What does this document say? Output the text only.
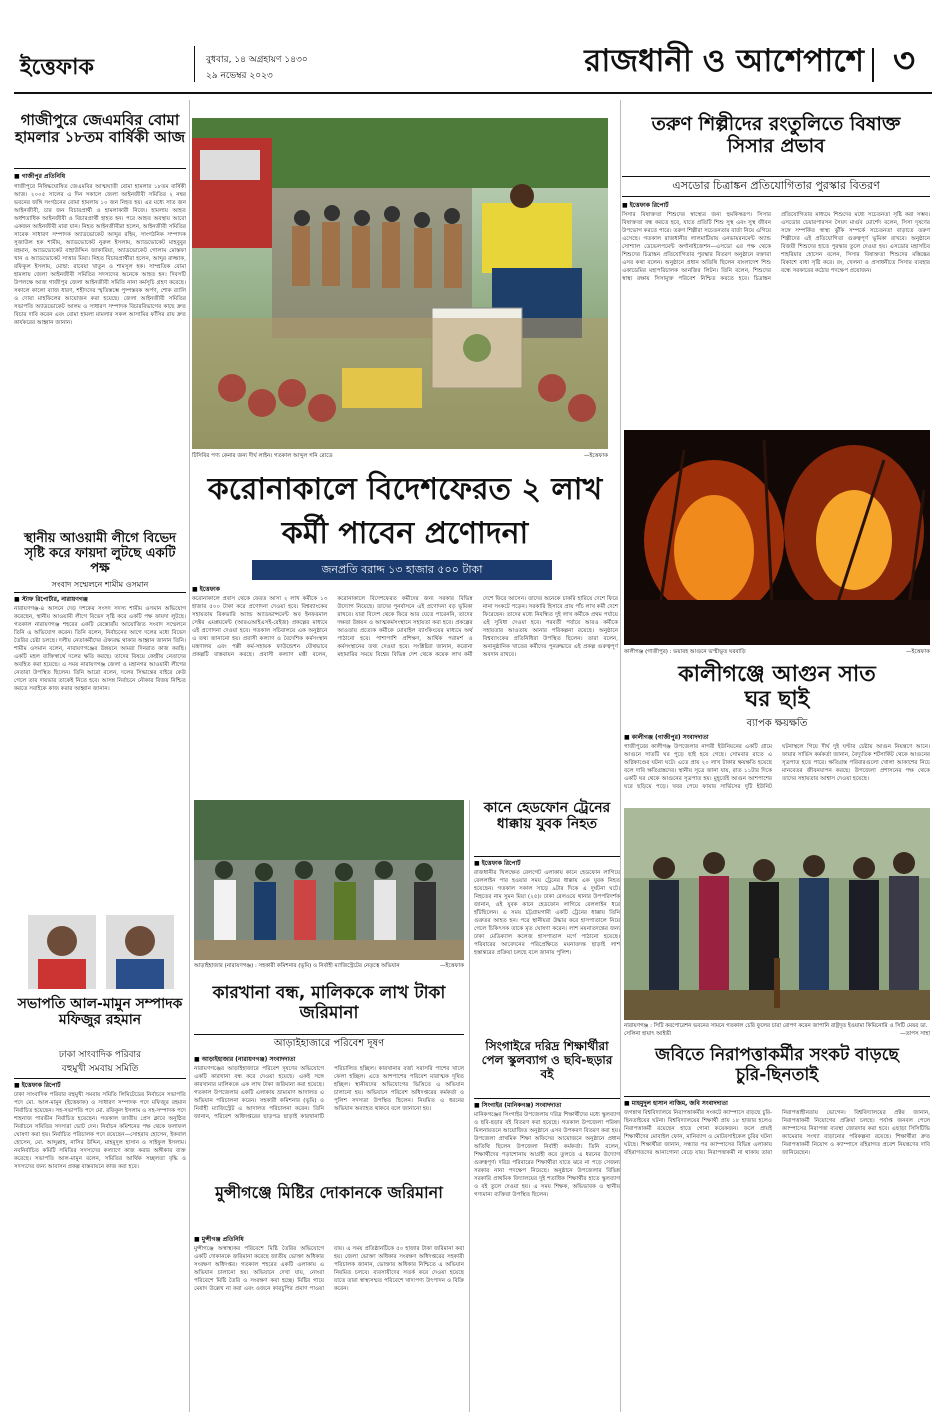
ইত্তেফাক	বুধবার, ১৪ অগ্রহায়ণ ১৪৩০
২৯ নভেম্বর ২০২৩	রাজধানী ও আশেপাশে ৩
গাজীপুরে জেএমবির বোমা হামলার ১৮তম বার্ষিকী আজ
■ গাজীপুর প্রতিনিধি
গাজীপুরে নিষিদ্ধঘোষিত জেএমবির আত্মঘাতী বোমা হামলার ১৮তম বার্ষিকী আজ। ২০০৫ সালের এ দিন সকালে জেলা আইনজীবী সমিতির ২ নম্বর ভবনের জঙ্গি সংগঠনের বোমা হামলায় ১০ জন নিহত হয়। এর মধ্যে সাত জন আইনজীবী, চার জন বিচারপ্রার্থী ও হামলাকারী নিজে। হামলায় আহত অর্ধশতাধিক আইনজীবী ও বিচারপ্রার্থী হাহত হন। পরে আহত অবস্থায় আরো একজন আইনজীবী মারা যান। নিহত আইনজীবীরা হলেন, আইনজীবী সমিতির সাবেক সাধারণ সম্পাদক অ্যাডভোকেট আব্দুর রহিম, সাংগঠনিক সম্পাদক সুজাউল হক শামীম, অ্যাডভোকেট নুরুল ইসলাম, অ্যাডভোকেট মাহবুবুর রহমান, অ্যাডভোকেট বাহাউদ্দিন জাকারিয়া, অ্যাডভোকেট গোলাম মোস্তফা খান ও অ্যাডভোকেট সাত্তার মিয়া। নিহত বিচারপ্রার্থীরা হলেন, আব্দুর রাজ্জাক, রফিকুল ইসলাম, মোছা: রাবেয়া খাতুন ও শামসুল হক। সাম্প্রতিক বোমা হামলায় জেলা আইনজীবী সমিতির সদস্যদের অনেকে আহত হন। দিবসটি উপলক্ষে আজ গাজীপুর জেলা আইনজীবী সমিতি নানা কর্মসূচি গ্রহণ করেছে। সকালে কালো ব্যাজ ধারণ, শহীদদের স্মৃতিস্তম্ভে পুষ্পস্তবক অর্পণ, শোক র‍্যালি ও দোয়া মাহফিলের আয়োজন করা হয়েছে। জেলা আইনজীবী সমিতির সভাপতি অ্যাডভোকেট আলম ও সাধারণ সম্পাদক বিচারবিভাগের কাছে দ্রুত বিচার দাবি করেন এবং বোমা হামলা মামলার সকল আসামির ফাঁসির রায় দ্রুত কার্যকরের আহ্বান জানান।
টিসিবির পণ্য কেনার জন্য দীর্ঘ লাইন। গতকাল আব্দুল গনি রোডে	—ইত্তেফাক
তরুণ শিল্পীদের রংতুলিতে বিষাক্ত সিসার প্রভাব
এসডোর চিত্রাঙ্কন প্রতিযোগিতার পুরস্কার বিতরণ
■ ইত্তেফাক রিপোর্ট
সিসার বিষাক্ততা শিশুদের স্বাস্থ্যের জন্য হুমকিস্বরূপ। সিসার বিষাক্ততা বন্ধ করতে হবে, যাতে প্রতিটি শিশু সুস্থ এবং সুস্থ জীবন উপভোগ করতে পারে। তরুণ শিল্পীরা সচেতনতার বার্তা নিয়ে এগিয়ে এসেছে। গতকাল রাজধানীর লালমাটিয়ায় এনভায়রনমেন্ট অ্যান্ড সোশ্যাল ডেভেলপমেন্ট অর্গানাইজেশন—এসডো এর পক্ষ থেকে শিশুদের চিত্রাঙ্কন প্রতিযোগিতার পুরস্কার বিতরণ অনুষ্ঠানে বক্তারা এসব কথা বলেন। অনুষ্ঠানে প্রধান অতিথি ছিলেন বাংলাদেশ শিশু একাডেমির মহাপরিচালক আনজির লিটন। তিনি বলেন, শিশুদের স্বাস্থ্য রক্ষায় সিসামুক্ত পরিবেশ নিশ্চিত করতে হবে। চিত্রাঙ্কন প্রতিযোগিতার মাধ্যমে শিশুদের মধ্যে সচেতনতা সৃষ্টি করা সম্ভব। এসডোর চেয়ারপারসন সৈয়দ মার্গুব মোর্শেদ বলেন, সিসা দূষণের সঙ্গে সম্পর্কিত স্বাস্থ্য ঝুঁকি সম্পর্কে সচেতনতা বাড়াতে তরুণ শিল্পীদের এই প্রতিযোগিতা গুরুত্বপূর্ণ ভূমিকা রাখবে। অনুষ্ঠানে বিজয়ী শিশুদের হাতে পুরস্কার তুলে দেওয়া হয়। এসডোর মহাসচিব শাহরিয়ার হোসেন বলেন, সিসার বিষাক্ততা শিশুদের মস্তিষ্কের বিকাশে বাধা সৃষ্টি করে। রং, খেলনা ও প্রসাধনীতে সিসার ব্যবহার বন্ধে সরকারের কঠোর পদক্ষেপ প্রয়োজন।
করোনাকালে বিদেশফেরত ২ লাখ কর্মী পাবেন প্রণোদনা
জনপ্রতি বরাদ্দ ১৩ হাজার ৫০০ টাকা
■ ইত্তেফাক
করোনাকালে প্রবাস থেকে ফেরত আসা ২ লাখ কর্মীকে ১৩ হাজার ৫০০ টাকা করে প্রণোদনা দেওয়া হবে। বিশ্বব্যাংকের সহায়তায় রিকভারি অ্যান্ড অ্যাডভান্সমেন্ট অব ইনফরমাল সেক্টর এমপ্লয়মেন্ট (আরএআইএসই-রেইজ) প্রকল্পের মাধ্যমে এই প্রণোদনা দেওয়া হবে। গতকাল সচিবালয়ে এক অনুষ্ঠানে এ তথ্য জানানো হয়। প্রবাসী কল্যাণ ও বৈদেশিক কর্মসংস্থান মন্ত্রণালয় এবং পল্লী কর্ম-সহায়ক ফাউন্ডেশন যৌথভাবে প্রকল্পটি বাস্তবায়ন করছে। প্রবাসী কল্যাণ মন্ত্রী বলেন, করোনাকালে বিদেশফেরত কর্মীদের জন্য সরকার বিভিন্ন উদ্যোগ নিয়েছে। তাদের পুনর্বাসনে এই প্রণোদনা বড় ভূমিকা রাখবে। যারা বিদেশ থেকে ফিরে আর যেতে পারেননি, তাদের দক্ষতা উন্নয়ন ও আত্মকর্মসংস্থানে সহায়তা করা হবে। প্রকল্পের আওতায় প্রত্যেক কর্মীকে মোবাইল ব্যাংকিংয়ের মাধ্যমে অর্থ পাঠানো হবে। পাশাপাশি প্রশিক্ষণ, আর্থিক পরামর্শ ও কর্মসংস্থানের তথ্য দেওয়া হবে। সংশ্লিষ্টরা জানান, করোনা মহামারির সময়ে বিশ্বের বিভিন্ন দেশ থেকে কয়েক লাখ কর্মী দেশে ফিরে আসেন। তাদের অনেকে চাকরি হারিয়ে দেশে ফিরে নানা সংকটে পড়েন। সরকারি হিসাবে প্রায় পাঁচ লাখ কর্মী দেশে ফিরেছেন। তাদের মধ্যে নিবন্ধিত দুই লাখ কর্মীকে প্রথম পর্যায়ে এই সুবিধা দেওয়া হবে। পরবর্তী পর্যায়ে আরও কর্মীকে সহায়তার আওতায় আনার পরিকল্পনা রয়েছে। অনুষ্ঠানে বিশ্বব্যাংকের প্রতিনিধিরা উপস্থিত ছিলেন। তারা বলেন, অনানুষ্ঠানিক খাতের কর্মীদের পুনরুদ্ধারে এই প্রকল্প গুরুত্বপূর্ণ অবদান রাখবে।	কালীগঞ্জ (গাজীপুর) : ভয়াবহ আগুনে ভস্মীভূত ঘরবাড়ি	—ইত্তেফাক
স্থানীয় আওয়ামী লীগে বিভেদ সৃষ্টি করে ফায়দা লুটছে একটি পক্ষ
সংবাদ সম্মেলনে শামীম ওসমান
■ স্টাফ রিপোর্টার, নারায়ণগঞ্জ
নারায়ণগঞ্জ-৪ আসনে দেড় দশকের সংসদ সদস্য শামীম ওসমান অভিযোগ করেছেন, স্থানীয় আওয়ামী লীগে বিভেদ সৃষ্টি করে একটি পক্ষ ফায়দা লুটছে। গতকাল নারায়ণগঞ্জ শহরের একটি রেস্তোরাঁয় আয়োজিত সংবাদ সম্মেলনে তিনি এ অভিযোগ করেন। তিনি বলেন, নির্বাচনের আগে দলের মধ্যে বিভেদ তৈরির চেষ্টা চলছে। দলীয় নেতাকর্মীদের ঐক্যবদ্ধ থাকার আহ্বান জানান তিনি। শামীম ওসমান বলেন, নারায়ণগঞ্জের উন্নয়নে আমরা দিনরাত কাজ করছি। একটি মহল ব্যক্তিস্বার্থে দলের ক্ষতি করছে। তাদের বিষয়ে কেন্দ্রীয় নেতাদের অবহিত করা হয়েছে। এ সময় নারায়ণগঞ্জ জেলা ও মহানগর আওয়ামী লীগের নেতারা উপস্থিত ছিলেন। তিনি আরো বলেন, দলের সিদ্ধান্তের বাইরে কেউ গেলে তার দায়ভার তাকেই নিতে হবে। আসন্ন নির্বাচনে নৌকার বিজয় নিশ্চিত করতে সবাইকে কাজ করার আহ্বান জানান।
সভাপতি আল-মামুন সম্পাদক মফিজুর রহমান
ঢাকা সাংবাদিক পরিবার
বহুমুখী সমবায় সমিতি
■ ইত্তেফাক রিপোর্ট
ঢাকা সাংবাদিক পরিবার বহুমুখী সমবায় সমিতি লিমিটেডের নির্বাচনে সভাপতি পদে মো. আল-মামুন (ইত্তেফাক) ও সাধারণ সম্পাদক পদে মফিজুর রহমান নির্বাচিত হয়েছেন। সহ-সভাপতি পদে মো. রফিকুল ইসলাম ও সহ-সম্পাদক পদে শাহনাজ পারভীন নির্বাচিত হয়েছেন। গতকাল জাতীয় প্রেস ক্লাবে অনুষ্ঠিত নির্বাচনে সমিতির সদস্যরা ভোট দেন। নির্বাচন কমিশনের পক্ষ থেকে ফলাফল ঘোষণা করা হয়। নির্বাচিত পরিচালক পদে রয়েছেন—সোহরাব হোসেন, ইকবাল হোসেন, মো. আব্দুল্লাহ, নাসির উদ্দিন, মাহমুদুল হাসান ও সাইফুল ইসলাম। নবনির্বাচিত কমিটি সমিতির সদস্যদের কল্যাণে কাজ করার অঙ্গীকার ব্যক্ত করেছে। সভাপতি আল-মামুন বলেন, সমিতির আর্থিক সচ্ছলতা বৃদ্ধি ও সদস্যদের জন্য আবাসন প্রকল্প বাস্তবায়নে কাজ করা হবে।
আড়াইহাজার (নারায়ণগঞ্জ) : সহকারী কমিশনার (ভূমি) ও নির্বাহী ম্যাজিস্ট্রেটের নেতৃত্বে অভিযান	—ইত্তেফাক
কানে হেডফোন ট্রেনের ধাক্কায় যুবক নিহত
■ ইত্তেফাক রিপোর্ট
রাজধানীর খিলক্ষেত রেলগেট এলাকায় কানে হেডফোন লাগিয়ে রেললাইন পার হওয়ার সময় ট্রেনের ধাক্কায় এক যুবক নিহত হয়েছেন। গতকাল সকাল সাড়ে ৯টার দিকে এ দুর্ঘটনা ঘটে। নিহতের নাম সুমন মিয়া (২৫)। ঢাকা রেলওয়ে থানার উপপরিদর্শক জানান, ওই যুবক কানে হেডফোন লাগিয়ে রেললাইন ধরে হাঁটছিলেন। এ সময় চট্টগ্রামগামী একটি ট্রেনের ধাক্কায় তিনি গুরুতর আহত হন। পরে স্থানীয়রা উদ্ধার করে হাসপাতালে নিয়ে গেলে চিকিৎসক তাকে মৃত ঘোষণা করেন। লাশ ময়নাতদন্তের জন্য ঢাকা মেডিক্যাল কলেজ হাসপাতাল মর্গে পাঠানো হয়েছে। পরিবারের আবেদনের পরিপ্রেক্ষিতে ময়নাতদন্ত ছাড়াই লাশ হস্তান্তরের প্রক্রিয়া চলছে বলে জানায় পুলিশ।
কালীগঞ্জে আগুন সাত ঘর ছাই
ব্যাপক ক্ষয়ক্ষতি
■ কালীগঞ্জ (গাজীপুর) সংবাদদাতা
গাজীপুরের কালীগঞ্জ উপজেলার নাগরী ইউনিয়নের একটি গ্রামে আগুনে সাতটি ঘর পুড়ে ছাই হয়ে গেছে। সোমবার রাতে এ অগ্নিকাণ্ডের ঘটনা ঘটে। এতে প্রায় ২০ লাখ টাকার ক্ষয়ক্ষতি হয়েছে বলে দাবি ক্ষতিগ্রস্তদের। স্থানীয় সূত্রে জানা যায়, রাত ১১টার দিকে একটি ঘর থেকে আগুনের সূত্রপাত হয়। মুহূর্তেই আগুন আশপাশের ঘরে ছড়িয়ে পড়ে। খবর পেয়ে ফায়ার সার্ভিসের দুটি ইউনিট ঘটনাস্থলে গিয়ে দীর্ঘ দুই ঘণ্টার চেষ্টায় আগুন নিয়ন্ত্রণে আনে। ফায়ার সার্ভিস কর্মকর্তা জানান, বৈদ্যুতিক শর্টসার্কিট থেকে আগুনের সূত্রপাত হতে পারে। ক্ষতিগ্রস্ত পরিবারগুলো খোলা আকাশের নিচে মানবেতর জীবনযাপন করছে। উপজেলা প্রশাসনের পক্ষ থেকে তাদের সহায়তার আশ্বাস দেওয়া হয়েছে।
নারায়ণগঞ্জ : সিটি করপোরেশন ভবনের সামনে গতকাল চেরি ফুলের চারা রোপণ করেন জাপানি রাষ্ট্রদূত ইওয়ামা কিমিনোরি ও সিটি মেয়র ডা. সেলিনা হায়াৎ আইভী	—তাপস সাহা
কারখানা বন্ধ, মালিককে লাখ টাকা জরিমানা
আড়াইহাজারে পরিবেশ দূষণ
■ আড়াইহাজার (নারায়ণগঞ্জ) সংবাদদাতা
নারায়ণগঞ্জের আড়াইহাজারে পরিবেশ দূষণের অভিযোগে একটি কারখানা বন্ধ করে দেওয়া হয়েছে। একই সঙ্গে কারখানার মালিককে এক লাখ টাকা জরিমানা করা হয়েছে। গতকাল উপজেলার একটি এলাকায় ভ্রাম্যমাণ আদালত এ অভিযান পরিচালনা করেন। সহকারী কমিশনার (ভূমি) ও নির্বাহী ম্যাজিস্ট্রেট এ আদালত পরিচালনা করেন। তিনি জানান, পরিবেশ অধিদপ্তরের ছাড়পত্র ছাড়াই কারখানাটি পরিচালিত হচ্ছিল। কারখানার বর্জ্য সরাসরি পাশের খালে ফেলা হচ্ছিল। এতে আশপাশের পরিবেশ মারাত্মক দূষিত হচ্ছিল। স্থানীয়দের অভিযোগের ভিত্তিতে এ অভিযান চালানো হয়। অভিযানে পরিবেশ অধিদপ্তরের কর্মকর্তা ও পুলিশ সদস্যরা উপস্থিত ছিলেন। নিয়মিত এ ধরনের অভিযান অব্যাহত থাকবে বলে জানানো হয়।
মুন্সীগঞ্জে মিষ্টির দোকানকে জরিমানা
■ মুন্সীগঞ্জ প্রতিনিধি
মুন্সীগঞ্জে অস্বাস্থ্যকর পরিবেশে মিষ্টি তৈরির অভিযোগে একটি দোকানকে জরিমানা করেছে জাতীয় ভোক্তা অধিকার সংরক্ষণ অধিদপ্তর। গতকাল শহরের একটি এলাকায় এ অভিযান চালানো হয়। অভিযানে দেখা যায়, নোংরা পরিবেশে মিষ্টি তৈরি ও সংরক্ষণ করা হচ্ছে। মিষ্টির গায়ে মেয়াদ উল্লেখ না করা এবং ওজনে কারচুপির প্রমাণ পাওয়া যায়। এ সময় প্রতিষ্ঠানটিকে ৫০ হাজার টাকা জরিমানা করা হয়। জেলা ভোক্তা অধিকার সংরক্ষণ অধিদপ্তরের সহকারী পরিচালক জানান, ভোক্তার অধিকার নিশ্চিতে এ অভিযান নিয়মিত চলবে। ব্যবসায়ীদের সতর্ক করে দেওয়া হয়েছে যাতে তারা স্বাস্থ্যসম্মত পরিবেশে খাদ্যপণ্য উৎপাদন ও বিক্রি করেন।
সিংগাইরে দরিদ্র শিক্ষার্থীরা পেল স্কুলব্যাগ ও ছবি-ছড়ার বই
■ সিংগাইর (মানিকগঞ্জ) সংবাদদাতা
মানিকগঞ্জের সিংগাইর উপজেলায় দরিদ্র শিক্ষার্থীদের মধ্যে স্কুলব্যাগ ও ছবি-ছড়ার বই বিতরণ করা হয়েছে। গতকাল উপজেলা পরিষদ মিলনায়তনে আয়োজিত অনুষ্ঠানে এসব উপকরণ বিতরণ করা হয়। উপজেলা প্রাথমিক শিক্ষা অফিসের আয়োজনে অনুষ্ঠানে প্রধান অতিথি ছিলেন উপজেলা নির্বাহী কর্মকর্তা। তিনি বলেন, শিক্ষার্থীদের পড়াশোনায় আগ্রহী করে তুলতে এ ধরনের উদ্যোগ গুরুত্বপূর্ণ। দরিদ্র পরিবারের শিক্ষার্থীরা যাতে ঝরে না পড়ে সেজন্য সরকার নানা পদক্ষেপ নিয়েছে। অনুষ্ঠানে উপজেলার বিভিন্ন সরকারি প্রাথমিক বিদ্যালয়ের দুই শতাধিক শিক্ষার্থীর হাতে স্কুলব্যাগ ও বই তুলে দেওয়া হয়। এ সময় শিক্ষক, অভিভাবক ও স্থানীয় গণ্যমান্য ব্যক্তিরা উপস্থিত ছিলেন।
জবিতে নিরাপত্তাকর্মীর সংকট বাড়ছে চুরি-ছিনতাই
■ মাহমুদুল হাসান নাজিম, জবি সংবাদদাতা
জগন্নাথ বিশ্ববিদ্যালয়ে নিরাপত্তাকর্মীর সংকটে ক্যাম্পাসে বাড়ছে চুরি-ছিনতাইয়ের ঘটনা। বিশ্ববিদ্যালয়ের শিক্ষার্থী প্রায় ১৮ হাজার হলেও নিরাপত্তাকর্মী রয়েছেন হাতে গোনা কয়েকজন। ফলে প্রায়ই শিক্ষার্থীদের মোবাইল ফোন, মানিব্যাগ ও মোটরসাইকেল চুরির ঘটনা ঘটছে। শিক্ষার্থীরা জানান, সন্ধ্যার পর ক্যাম্পাসের বিভিন্ন এলাকায় বহিরাগতদের আনাগোনা বেড়ে যায়। নিরাপত্তাকর্মী না থাকায় তারা নিরাপত্তাহীনতায় ভোগেন। বিশ্ববিদ্যালয়ের প্রক্টর জানান, নিরাপত্তাকর্মী নিয়োগের প্রক্রিয়া চলছে। পর্যাপ্ত জনবল পেলে ক্যাম্পাসের নিরাপত্তা ব্যবস্থা জোরদার করা হবে। এছাড়া সিসিটিভি ক্যামেরার সংখ্যা বাড়ানোর পরিকল্পনা রয়েছে। শিক্ষার্থীরা দ্রুত নিরাপত্তাকর্মী নিয়োগ ও ক্যাম্পাসে বহিরাগত প্রবেশ নিয়ন্ত্রণের দাবি জানিয়েছেন।
